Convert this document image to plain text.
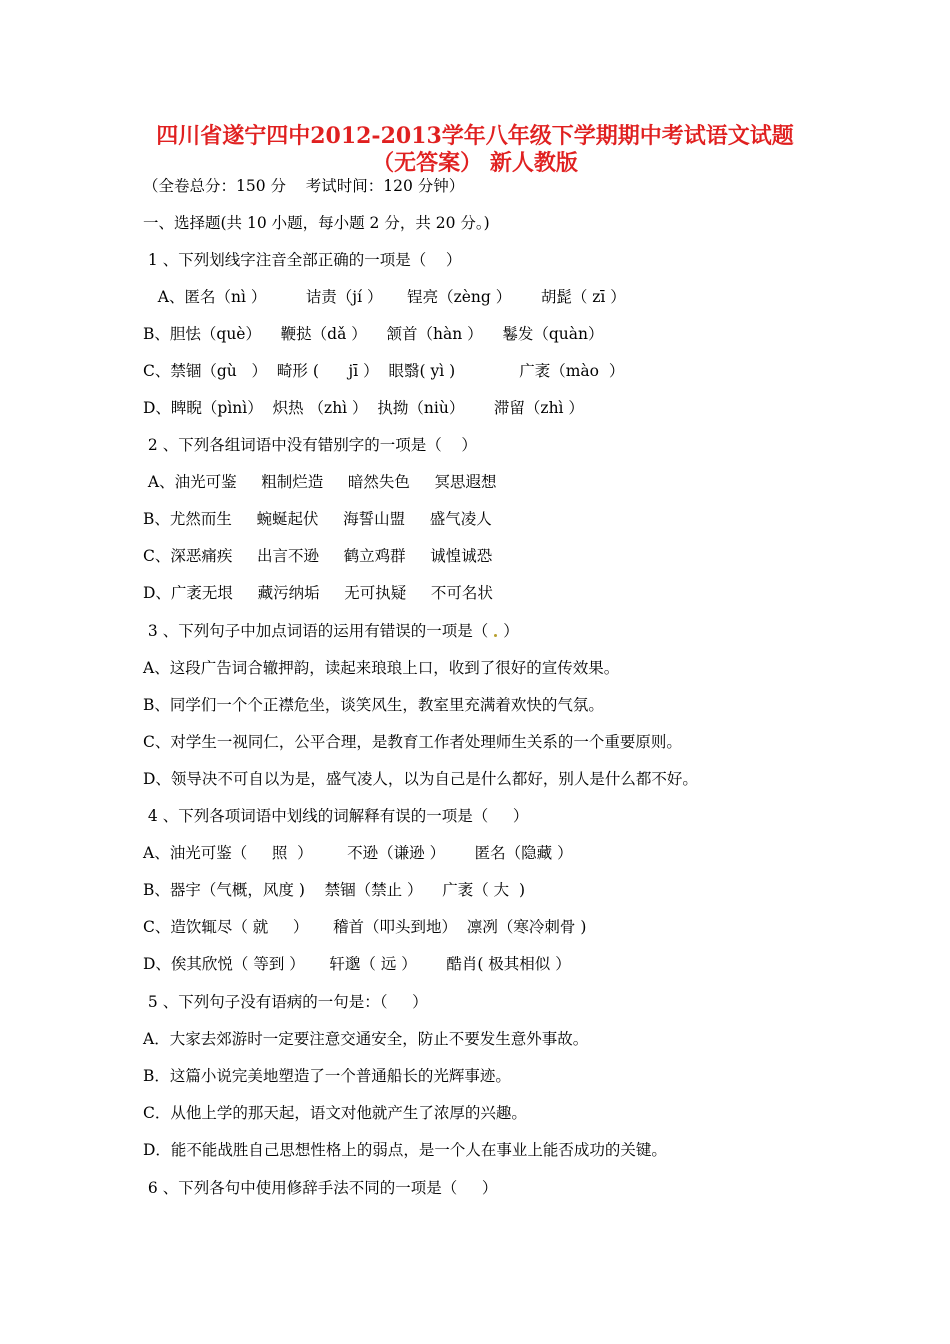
四川省遂宁四中2012-2013学年八年级下学期期中考试语文试题
（无答案） 新人教版
（全卷总分：150 分    考试时间：120 分钟）
一、选择题(共 10 小题，每小题 2 分，共 20 分。)
1 、下列划线字注音全部正确的一项是（    ）
A、匿名（nì ）        诘责（jí ）     锃亮（zèng ）      胡髭（ zī ）
B、胆怯（què）    鞭挞（dǎ ）    颔首（hàn ）    鬈发（quàn）
C、禁锢（gù   ）  畸形 (      jī ）  眼翳( yì )             广袤（mào  ）
D、睥睨（pìnì）  炽热 （zhì ）  执拗（niù）      滞留（zhì ）
2 、下列各组词语中没有错别字的一项是（    ）
A、油光可鉴     粗制烂造     暗然失色     冥思遐想
B、尤然而生     蜿蜒起伏     海誓山盟     盛气凌人
C、深恶痛疾     出言不逊     鹤立鸡群     诚惶诚恐
D、广袤无垠     藏污纳垢     无可执疑     不可名状
3 、下列句子中加点词语的运用有错误的一项是（ ）
A、这段广告词合辙押韵，读起来琅琅上口，收到了很好的宣传效果。
B、同学们一个个正襟危坐，谈笑风生，教室里充满着欢快的气氛。
C、对学生一视同仁，公平合理，是教育工作者处理师生关系的一个重要原则。
D、领导决不可自以为是，盛气凌人，以为自己是什么都好，别人是什么都不好。
4 、下列各项词语中划线的词解释有误的一项是（     ）
A、油光可鉴（     照  ）       不逊（谦逊 ）      匿名（隐藏 ）
B、器宇（气概，风度 )    禁锢（禁止 ）    广袤（ 大  )
C、造饮辄尽（ 就     ）     稽首（叩头到地）  凛冽（寒冷刺骨 )
D、俟其欣悦（ 等到 ）     轩邈（ 远 ）      酷肖( 极其相似 ）
5 、下列句子没有语病的一句是：（     ）
A．大家去郊游时一定要注意交通安全，防止不要发生意外事故。
B．这篇小说完美地塑造了一个普通船长的光辉事迹。
C．从他上学的那天起，语文对他就产生了浓厚的兴趣。
D．能不能战胜自己思想性格上的弱点，是一个人在事业上能否成功的关键。
6 、下列各句中使用修辞手法不同的一项是（     ）
